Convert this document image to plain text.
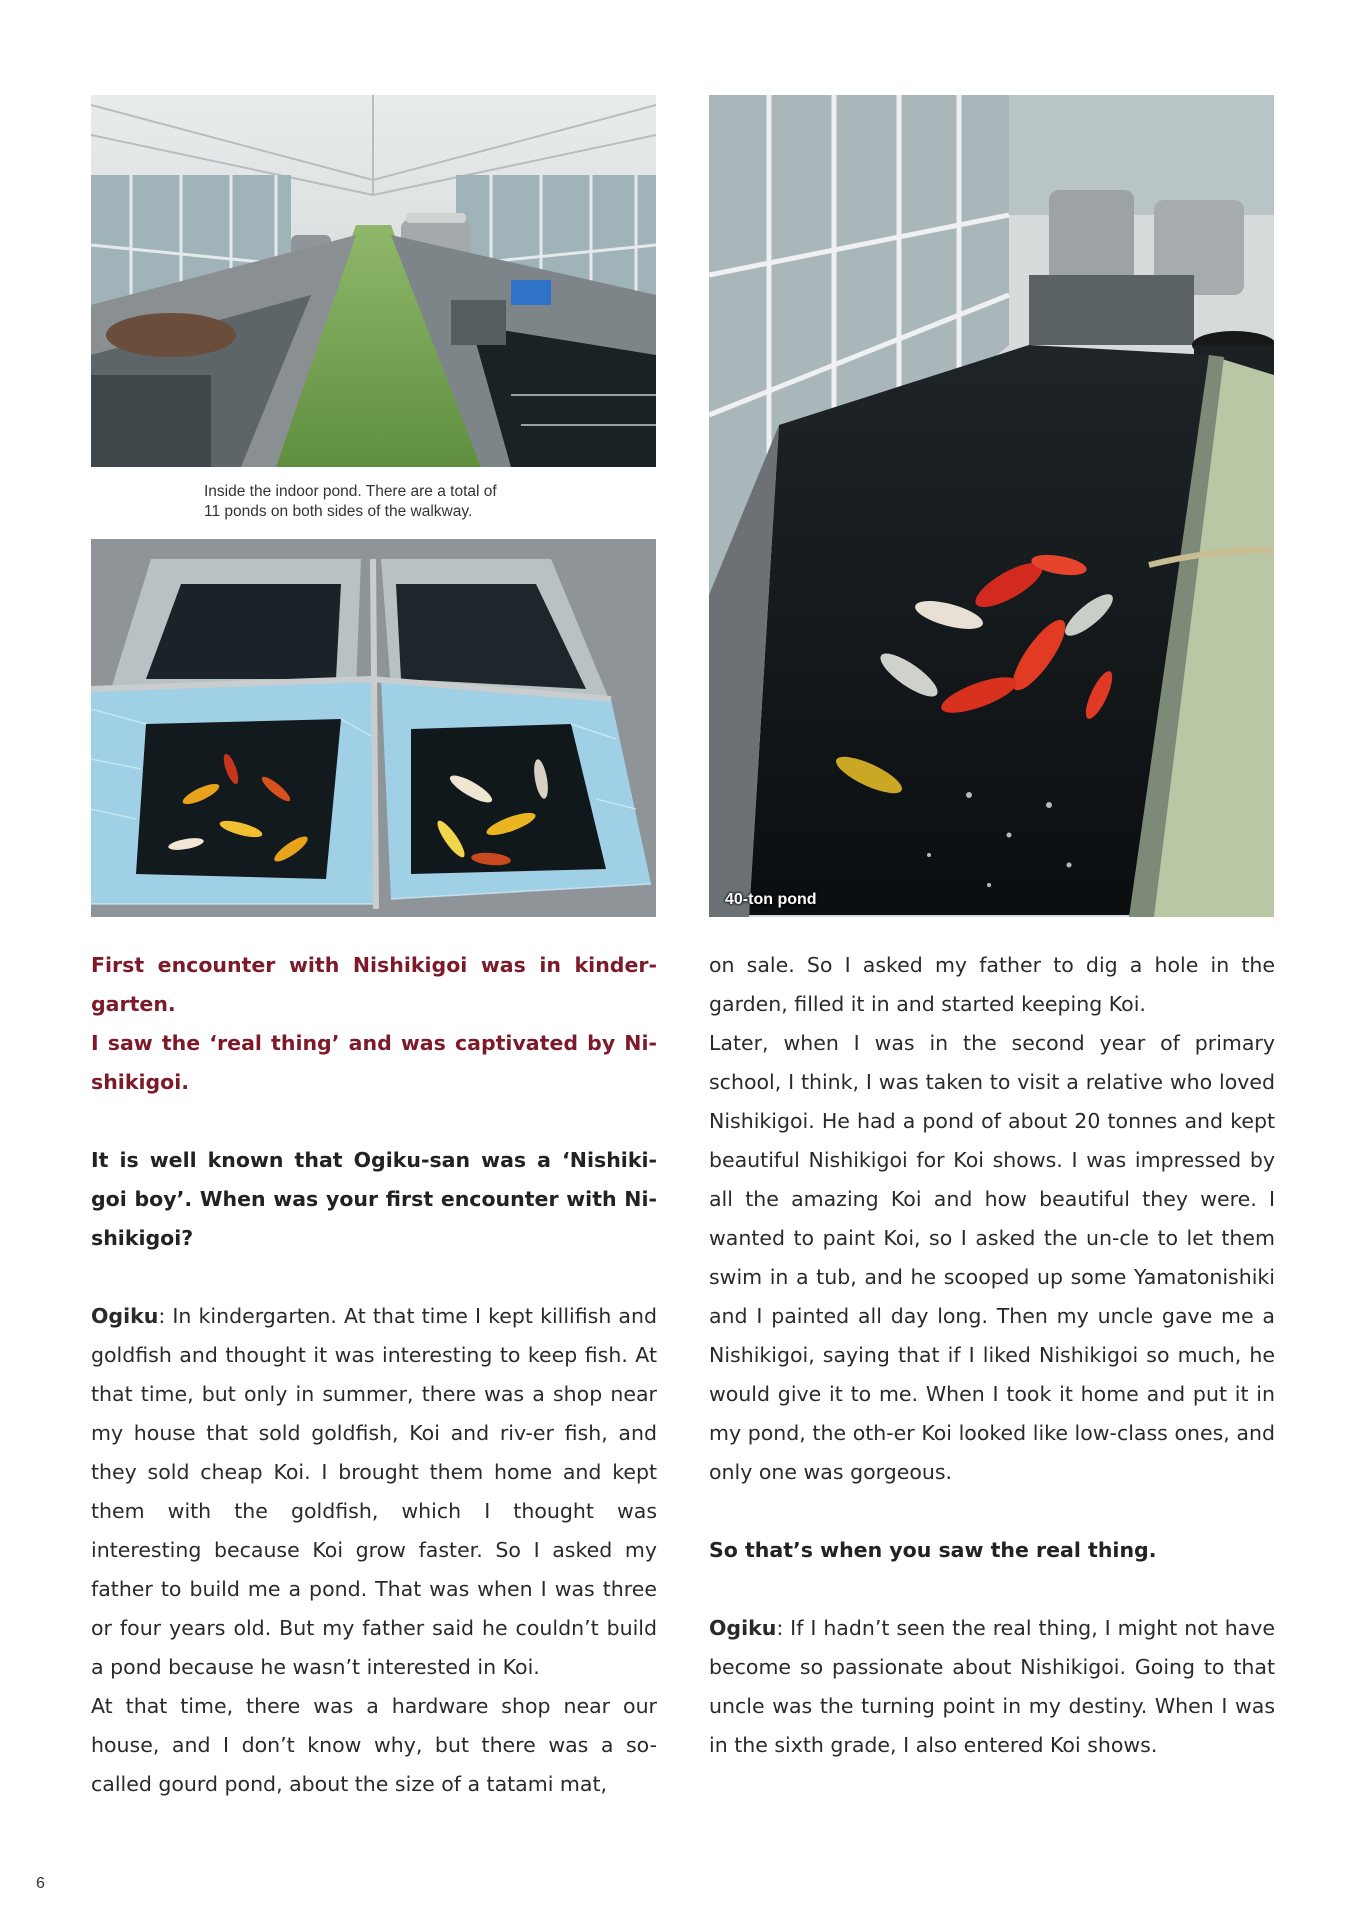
Inside the indoor pond. There are a total of
11 ponds on both sides of the walkway.
40-ton pond

First encounter with Nishikigoi was in kinder-garten.

I saw the ‘real thing’ and was captivated by Ni-shikigoi.

It is well known that Ogiku-san was a ‘Nishiki-goi boy’. When was your first encounter with Ni-shikigoi?

Ogiku: In kindergarten. At that time I kept killifish and goldfish and thought it was interesting to keep fish. At that time, but only in summer, there was a shop near my house that sold goldfish, Koi and riv-er fish, and they sold cheap Koi. I brought them home and kept them with the goldfish, which I thought was interesting because Koi grow faster. So I asked my father to build me a pond. That was when I was three or four years old. But my father said he couldn’t build a pond because he wasn’t interested in Koi.

At that time, there was a hardware shop near our house, and I don’t know why, but there was a so-called gourd pond, about the size of a tatami mat,

on sale. So I asked my father to dig a hole in the garden, filled it in and started keeping Koi.

Later, when I was in the second year of primary school, I think, I was taken to visit a relative who loved Nishikigoi. He had a pond of about 20 tonnes and kept beautiful Nishikigoi for Koi shows. I was impressed by all the amazing Koi and how beautiful they were. I wanted to paint Koi, so I asked the un-cle to let them swim in a tub, and he scooped up some Yamatonishiki and I painted all day long. Then my uncle gave me a Nishikigoi, saying that if I liked Nishikigoi so much, he would give it to me. When I took it home and put it in my pond, the oth-er Koi looked like low-class ones, and only one was gorgeous.

So that’s when you saw the real thing.

Ogiku: If I hadn’t seen the real thing, I might not have become so passionate about Nishikigoi. Going to that uncle was the turning point in my destiny. When I was in the sixth grade, I also entered Koi shows.

6
